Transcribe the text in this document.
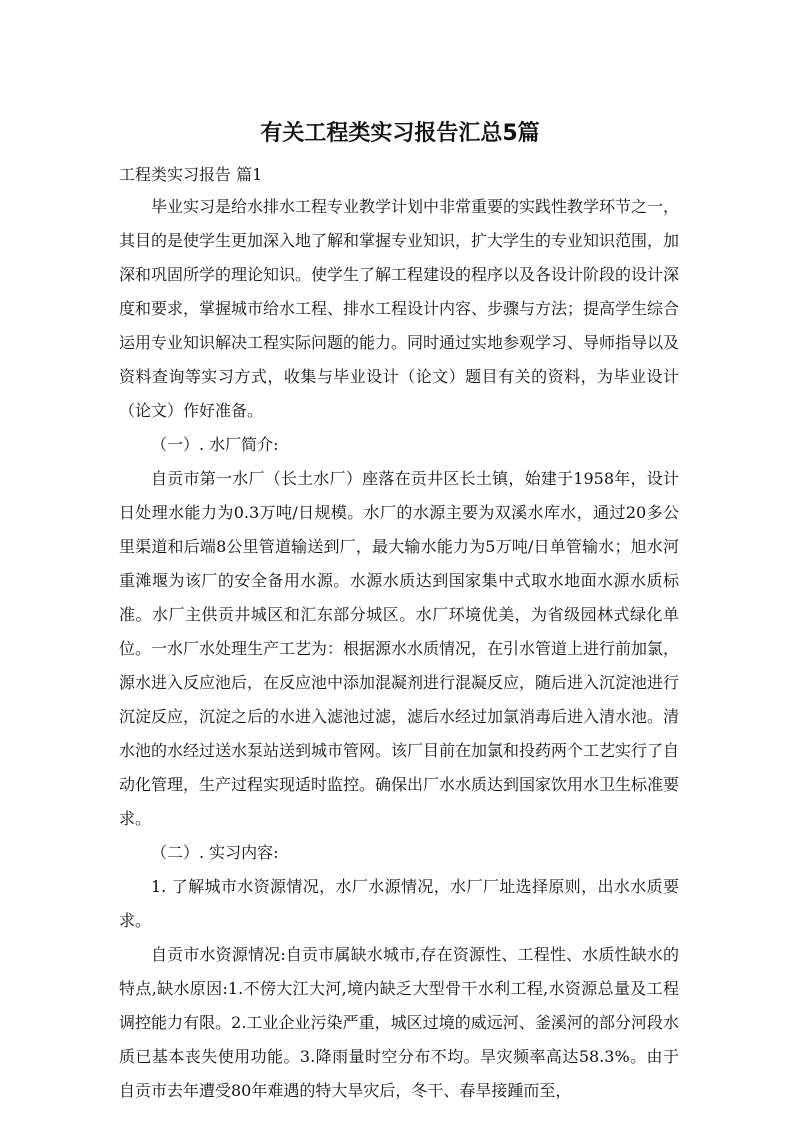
有关工程类实习报告汇总5篇
工程类实习报告 篇1

毕业实习是给水排水工程专业教学计划中非常重要的实践性教学环节之一，其目的是使学生更加深入地了解和掌握专业知识，扩大学生的专业知识范围，加深和巩固所学的理论知识。使学生了解工程建设的程序以及各设计阶段的设计深度和要求，掌握城市给水工程、排水工程设计内容、步骤与方法；提高学生综合运用专业知识解决工程实际问题的能力。同时通过实地参观学习、导师指导以及资料查询等实习方式，收集与毕业设计（论文）题目有关的资料，为毕业设计（论文）作好准备。

（一）. 水厂简介:

自贡市第一水厂（长土水厂）座落在贡井区长土镇，始建于1958年，设计日处理水能力为0.3万吨/日规模。水厂的水源主要为双溪水库水，通过20多公里渠道和后端8公里管道输送到厂，最大输水能力为5万吨/日单管输水；旭水河重滩堰为该厂的安全备用水源。水源水质达到国家集中式取水地面水源水质标准。水厂主供贡井城区和汇东部分城区。水厂环境优美，为省级园林式绿化单位。一水厂水处理生产工艺为：根据源水水质情况，在引水管道上进行前加氯，源水进入反应池后，在反应池中添加混凝剂进行混凝反应，随后进入沉淀池进行沉淀反应，沉淀之后的水进入滤池过滤，滤后水经过加氯消毒后进入清水池。清水池的水经过送水泵站送到城市管网。该厂目前在加氯和投药两个工艺实行了自动化管理，生产过程实现适时监控。确保出厂水水质达到国家饮用水卫生标准要求。

（二）. 实习内容:

1. 了解城市水资源情况，水厂水源情况，水厂厂址选择原则，出水水质要求。

自贡市水资源情况:自贡市属缺水城市,存在资源性、工程性、水质性缺水的特点,缺水原因:1.不傍大江大河,境内缺乏大型骨干水利工程,水资源总量及工程调控能力有限。2.工业企业污染严重，城区过境的威远河、釜溪河的部分河段水质已基本丧失使用功能。3.降雨量时空分布不均。旱灾频率高达58.3%。由于自贡市去年遭受80年难遇的特大旱灾后，冬干、春旱接踵而至，
